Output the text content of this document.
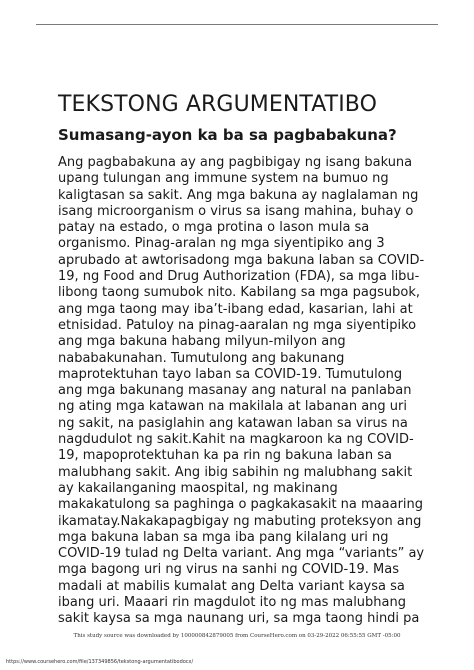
TEKSTONG ARGUMENTATIBO
Sumasang-ayon ka ba sa pagbabakuna?
Ang pagbabakuna ay ang pagbibigay ng isang bakuna
upang tulungan ang immune system na bumuo ng
kaligtasan sa sakit. Ang mga bakuna ay naglalaman ng
isang microorganism o virus sa isang mahina, buhay o
patay na estado, o mga protina o lason mula sa
organismo. Pinag-aralan ng mga siyentipiko ang 3
aprubado at awtorisadong mga bakuna laban sa COVID-
19, ng Food and Drug Authorization (FDA), sa mga libu-
libong taong sumubok nito. Kabilang sa mga pagsubok,
ang mga taong may iba’t-ibang edad, kasarian, lahi at
etnisidad. Patuloy na pinag-aaralan ng mga siyentipiko
ang mga bakuna habang milyun-milyon ang
nababakunahan. Tumutulong ang bakunang
maprotektuhan tayo laban sa COVID-19. Tumutulong
ang mga bakunang masanay ang natural na panlaban
ng ating mga katawan na makilala at labanan ang uri
ng sakit, na pasiglahin ang katawan laban sa virus na
nagdudulot ng sakit.Kahit na magkaroon ka ng COVID-
19, mapoprotektuhan ka pa rin ng bakuna laban sa
malubhang sakit. Ang ibig sabihin ng malubhang sakit
ay kakailanganing maospital, ng makinang
makakatulong sa paghinga o pagkakasakit na maaaring
ikamatay.Nakakapagbigay ng mabuting proteksyon ang
mga bakuna laban sa mga iba pang kilalang uri ng
COVID-19 tulad ng Delta variant. Ang mga “variants” ay
mga bagong uri ng virus na sanhi ng COVID-19. Mas
madali at mabilis kumalat ang Delta variant kaysa sa
ibang uri. Maaari rin magdulot ito ng mas malubhang
sakit kaysa sa mga naunang uri, sa mga taong hindi pa
This study source was downloaded by 100000842879005 from CourseHero.com on 03-29-2022 06:55:55 GMT -05:00
https://www.coursehero.com/file/137349856/tekstong-argumentatibodocx/
